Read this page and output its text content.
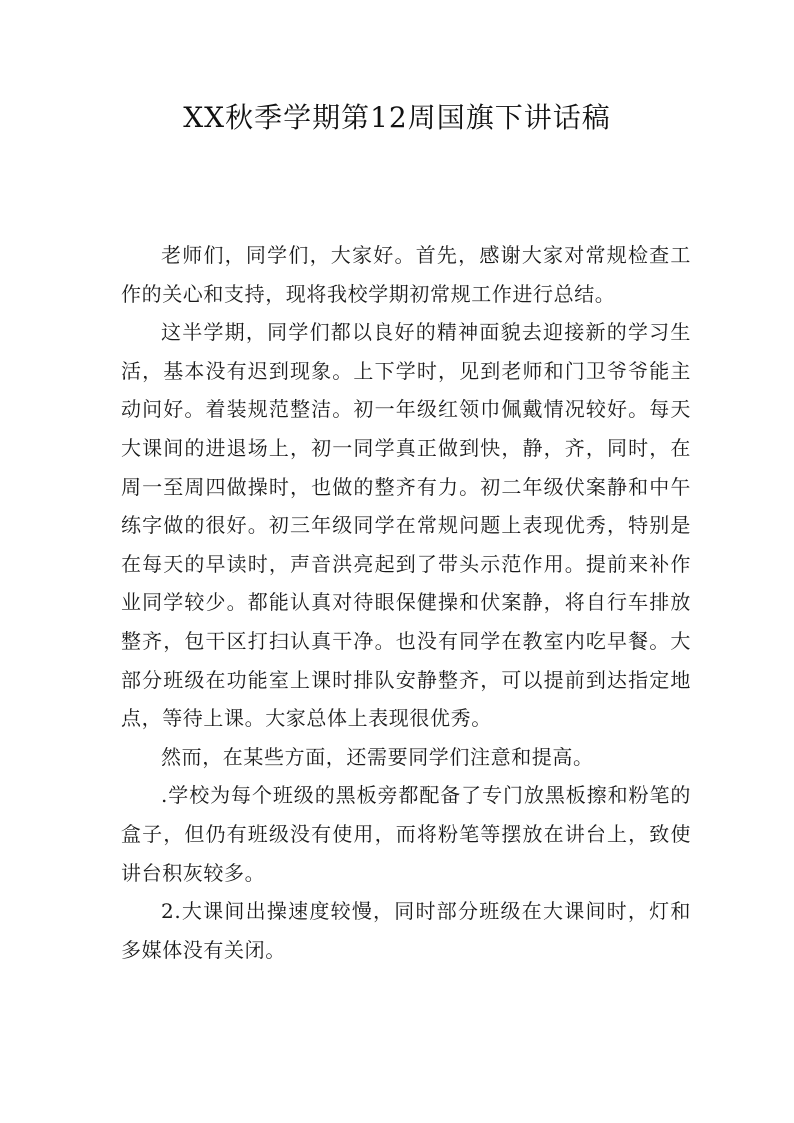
XX秋季学期第12周国旗下讲话稿

老师们，同学们，大家好。首先，感谢大家对常规检查工作的关心和支持，现将我校学期初常规工作进行总结。

这半学期，同学们都以良好的精神面貌去迎接新的学习生活，基本没有迟到现象。上下学时，见到老师和门卫爷爷能主动问好。着装规范整洁。初一年级红领巾佩戴情况较好。每天大课间的进退场上，初一同学真正做到快，静，齐，同时，在周一至周四做操时，也做的整齐有力。初二年级伏案静和中午练字做的很好。初三年级同学在常规问题上表现优秀，特别是在每天的早读时，声音洪亮起到了带头示范作用。提前来补作业同学较少。都能认真对待眼保健操和伏案静，将自行车排放整齐，包干区打扫认真干净。也没有同学在教室内吃早餐。大部分班级在功能室上课时排队安静整齐，可以提前到达指定地点，等待上课。大家总体上表现很优秀。

然而，在某些方面，还需要同学们注意和提高。

.学校为每个班级的黑板旁都配备了专门放黑板擦和粉笔的盒子，但仍有班级没有使用，而将粉笔等摆放在讲台上，致使讲台积灰较多。

2.大课间出操速度较慢，同时部分班级在大课间时，灯和多媒体没有关闭。
